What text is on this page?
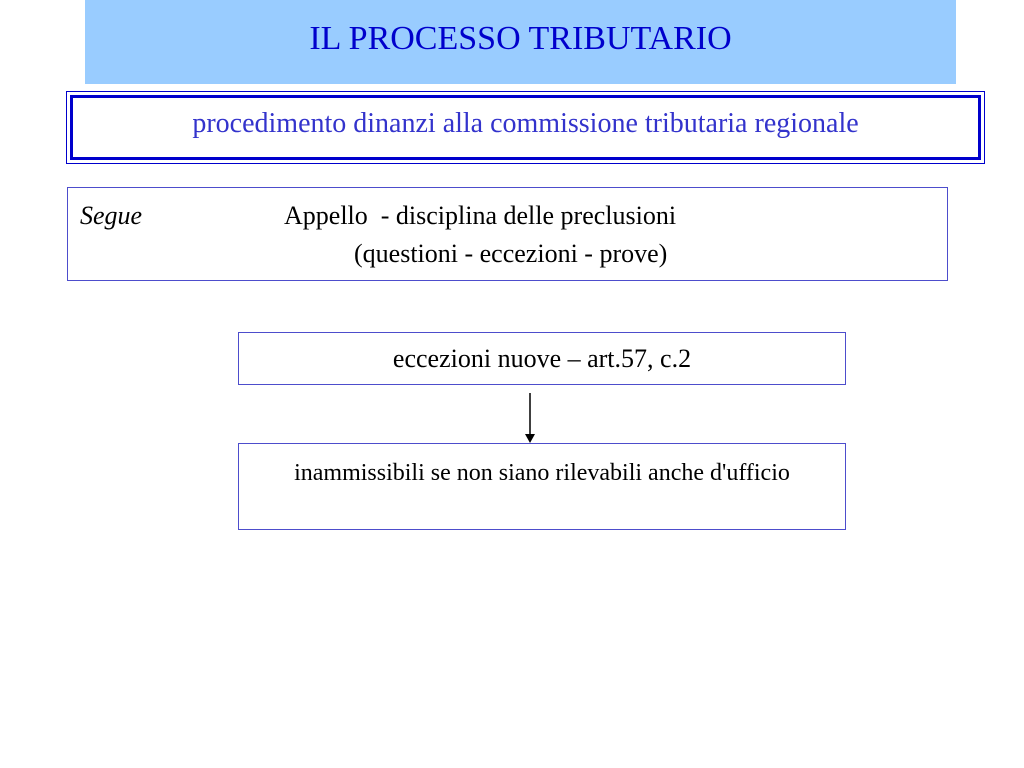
IL PROCESSO TRIBUTARIO
procedimento dinanzi alla commissione tributaria regionale
Segue	Appello  - disciplina delle preclusioni
(questioni - eccezioni - prove)
eccezioni nuove – art.57, c.2
inammissibili se non siano rilevabili anche d'ufficio
